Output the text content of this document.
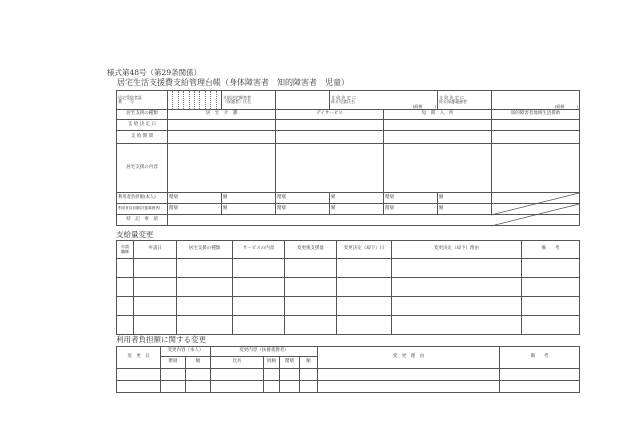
様式第48号（第29条関係）
居宅生活支援費支給管理台帳（身体障害者　知的障害者　児童）
居宅受給者証
番　　号		支給決定障害者
（保護者）氏名		支 給 決 定 に
係る児童氏名	(続柄　　　)	支 給 決 定 に
係る保護義務者	(続柄　　　)
居宅支援の種類	居　宅　介　護		デイサービス		短　期　入　所		知的障害者地域生活援助
支 給 決 定 日							
支 給 期 間							
居宅支援の内容							
利用者負担額(本人)	階層	額	階層	額	階層	額	
利用者負担額(扶養義務者)	階層	額	階層	額	階層	額	
特　記　事　項							
支給量変更
申請
職権	申請日	居宅支援の種類	サービスの内容	変更後支援量	変更決定（却下）日	変更決定（却下）理由	備　　考

利用者負担額に関する変更
変　更　日	変更内容（本人）		変更内容（扶養義務者）				変　更　理　由	備　　考
	階層	額	氏名	続柄	階層	額		
